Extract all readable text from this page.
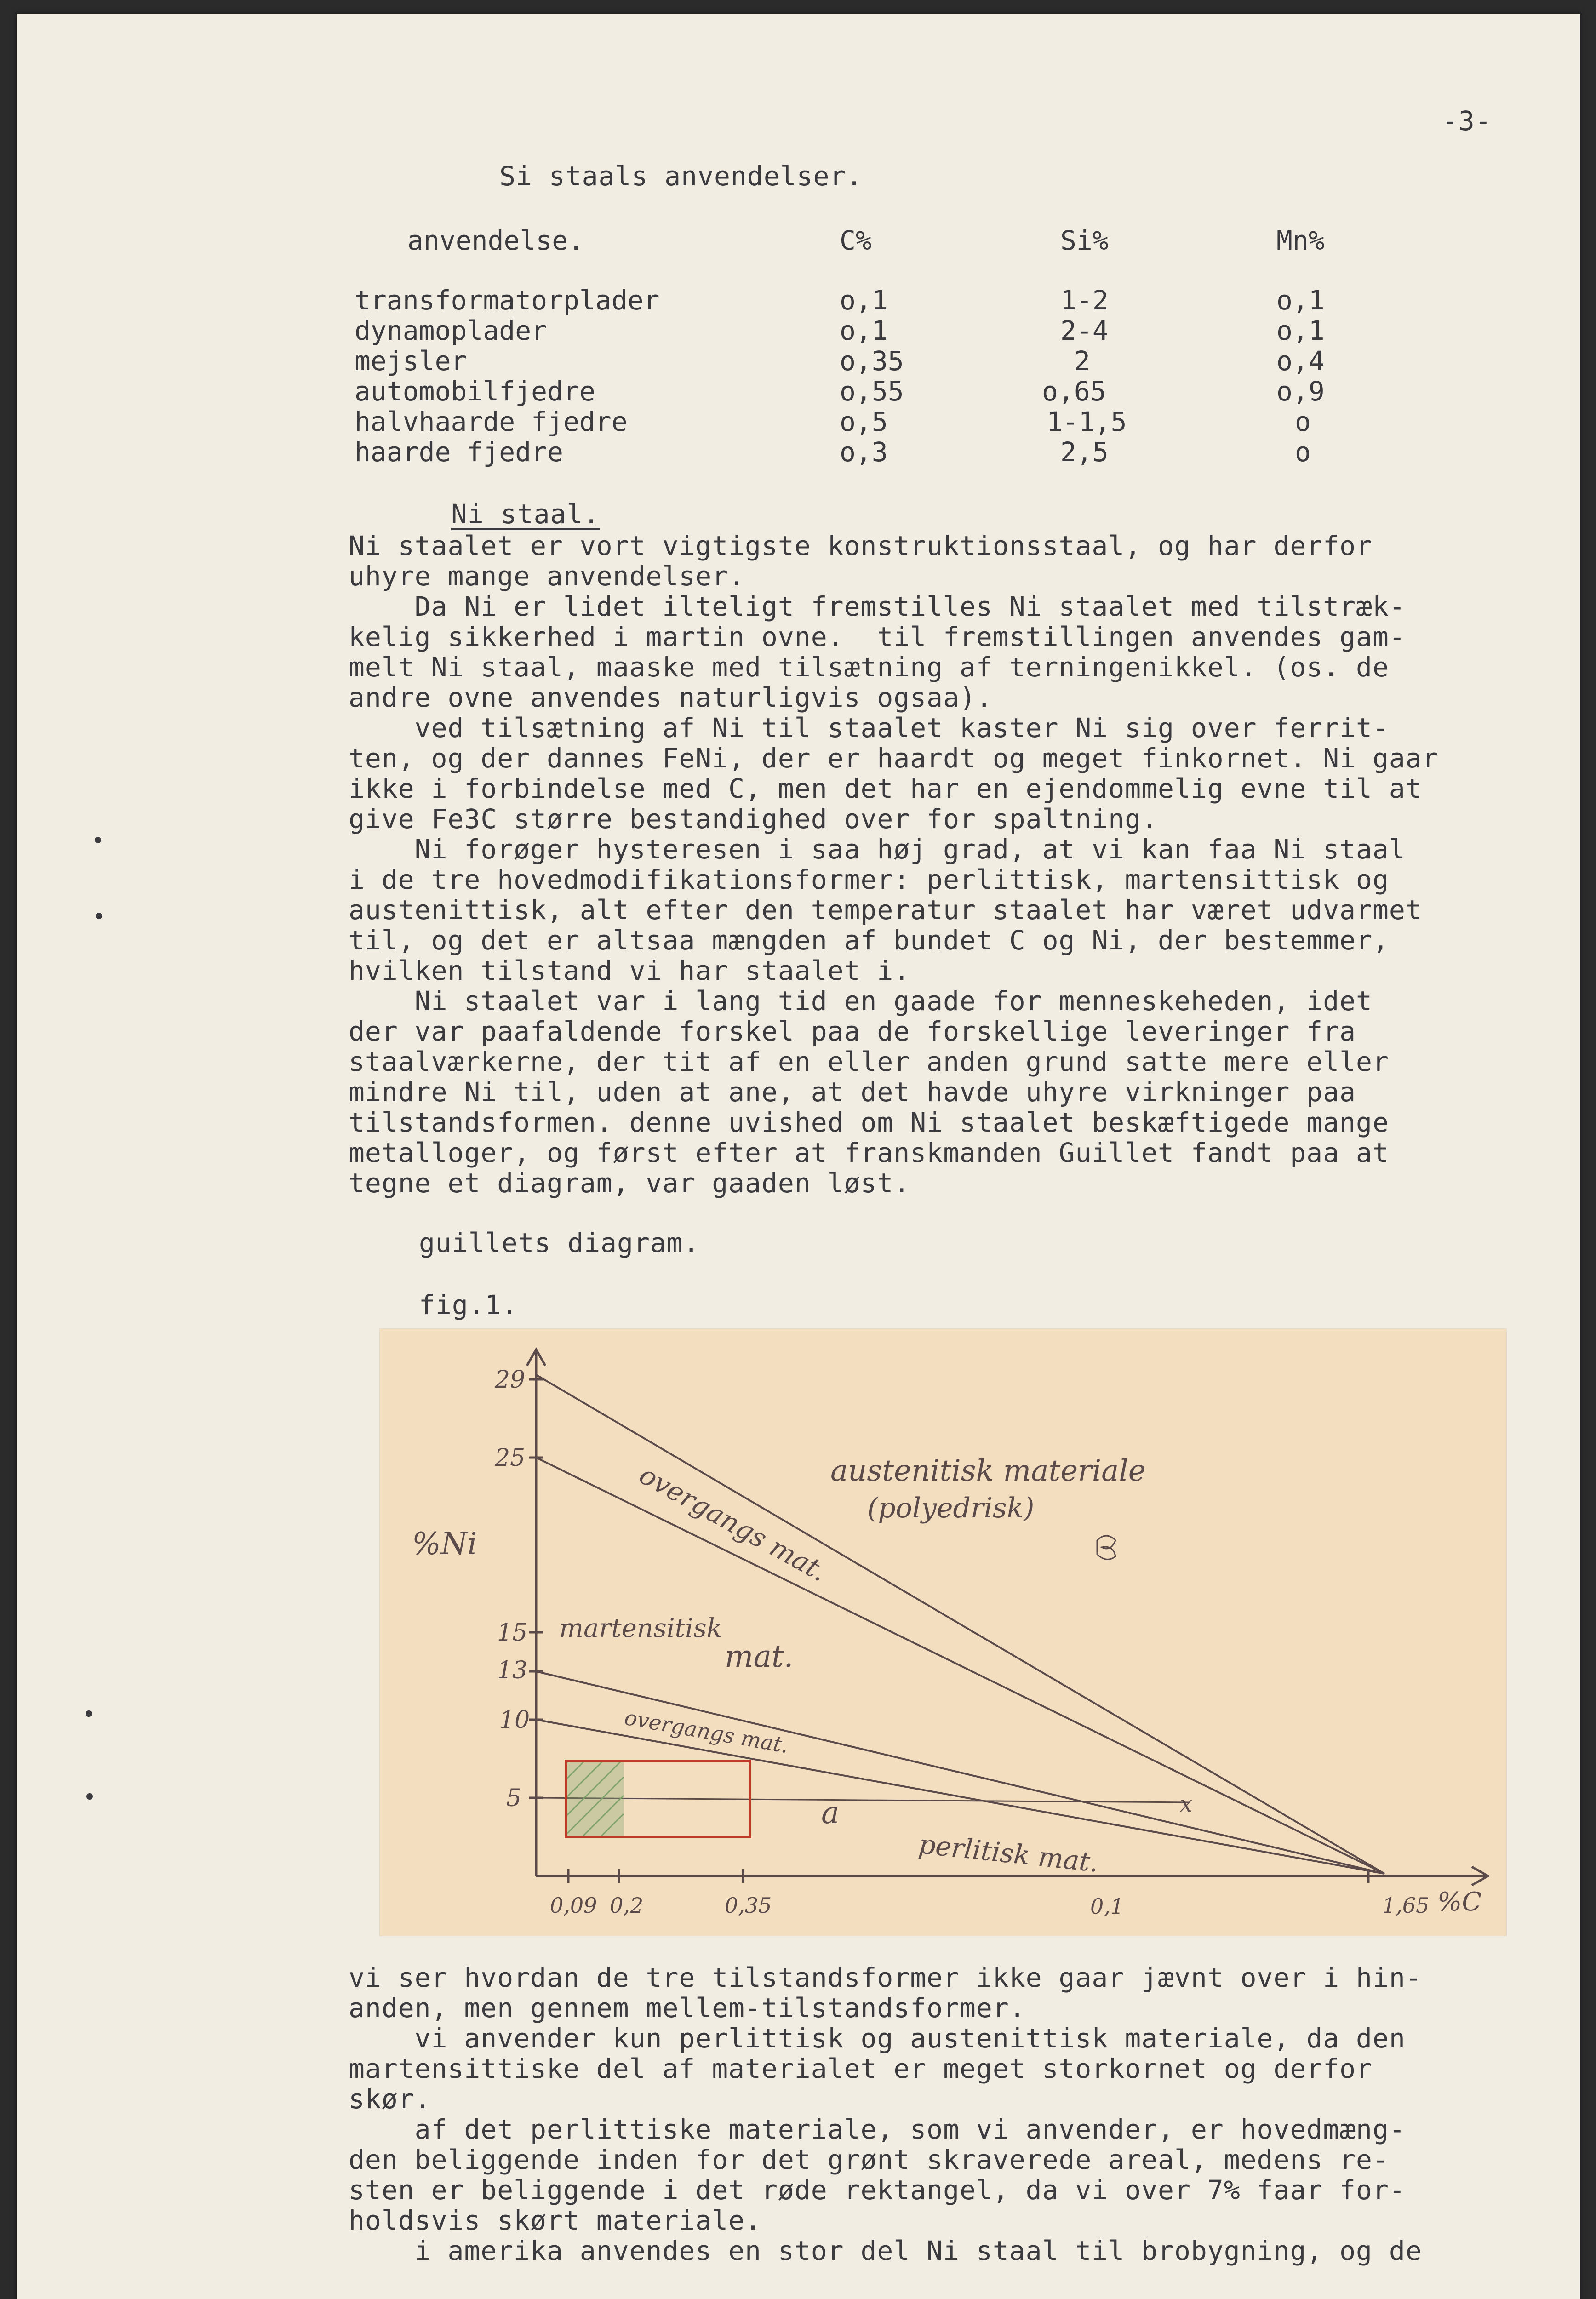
-3-
Si staals anvendelser.
anvendelse.	C%	Si%	Mn%
transformatorplader	o,1	1-2	o,1
dynamoplader	o,1	2-4	o,1
mejsler	o,35	2	o,4
automobilfjedre	o,55	o,65	o,9
halvhaarde fjedre	o,5	1-1,5	o
haarde fjedre	o,3	2,5	o
Ni staal.
Ni staalet er vort vigtigste konstruktionsstaal, og har derfor
uhyre mange anvendelser.
Da Ni er lidet ilteligt fremstilles Ni staalet med tilstræk-
kelig sikkerhed i martin ovne.  til fremstillingen anvendes gam-
melt Ni staal, maaske med tilsætning af terningenikkel. (os. de
andre ovne anvendes naturligvis ogsaa).
ved tilsætning af Ni til staalet kaster Ni sig over ferrit-
ten, og der dannes FeNi, der er haardt og meget finkornet. Ni gaar
ikke i forbindelse med C, men det har en ejendommelig evne til at
give Fe3C større bestandighed over for spaltning.
Ni forøger hysteresen i saa høj grad, at vi kan faa Ni staal
i de tre hovedmodifikationsformer: perlittisk, martensittisk og
austenittisk, alt efter den temperatur staalet har været udvarmet
til, og det er altsaa mængden af bundet C og Ni, der bestemmer,
hvilken tilstand vi har staalet i.
Ni staalet var i lang tid en gaade for menneskeheden, idet
der var paafaldende forskel paa de forskellige leveringer fra
staalværkerne, der tit af en eller anden grund satte mere eller
mindre Ni til, uden at ane, at det havde uhyre virkninger paa
tilstandsformen. denne uvished om Ni staalet beskæftigede mange
metalloger, og først efter at franskmanden Guillet fandt paa at
tegne et diagram, var gaaden løst.
guillets diagram.
fig.1.
29
25
15
13
10
5
0,09 0,2	0,35	0,1	1,65
%Ni
%C
austenitisk materiale
(polyedrisk)
overgangs mat.
martensitisk
mat.
overgangs mat.
a	x
perlitisk mat.
vi ser hvordan de tre tilstandsformer ikke gaar jævnt over i hin-
anden, men gennem mellem-tilstandsformer.
vi anvender kun perlittisk og austenittisk materiale, da den
martensittiske del af materialet er meget storkornet og derfor
skør.
af det perlittiske materiale, som vi anvender, er hovedmæng-
den beliggende inden for det grønt skraverede areal, medens re-
sten er beliggende i det røde rektangel, da vi over 7% faar for-
holdsvis skørt materiale.
i amerika anvendes en stor del Ni staal til brobygning, og de
